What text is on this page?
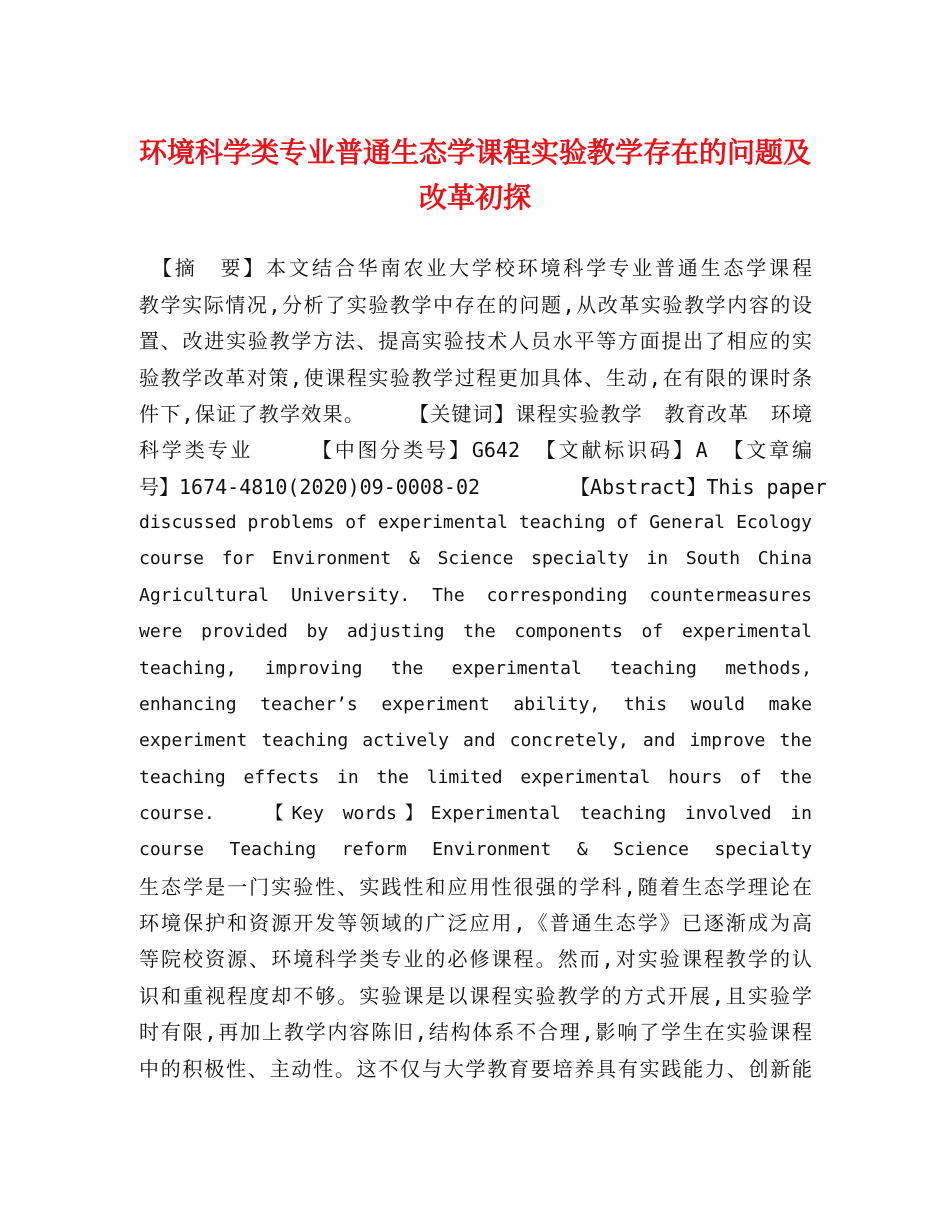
环境科学类专业普通生态学课程实验教学存在的问题及
改革初探
　【摘　要】本文结合华南农业大学校环境科学专业普通生态学课程
教学实际情况,分析了实验教学中存在的问题,从改革实验教学内容的设
置、改进实验教学方法、提高实验技术人员水平等方面提出了相应的实
验教学改革对策,使课程实验教学过程更加具体、生动,在有限的课时条
件下,保证了教学效果。　　　【关键词】课程实验教学　教育改革　环境
科学类专业　　　【中图分类号】G642　【文献标识码】A　【文章编
号】1674-4810(2020)09-0008-02　　　　　【Abstract】This paper
discussed problems of experimental teaching of General Ecology
course for Environment & Science specialty in South China
Agricultural University. The corresponding countermeasures
were provided by adjusting the components of experimental
teaching, improving the experimental teaching methods,
enhancing teacher’s experiment ability, this would make
experiment teaching actively and concretely, and improve the
teaching effects in the limited experimental hours of the
course.　　【Key words】Experimental teaching involved in
course Teaching reform Environment & Science specialty
生态学是一门实验性、实践性和应用性很强的学科,随着生态学理论在
环境保护和资源开发等领域的广泛应用,《普通生态学》已逐渐成为高
等院校资源、环境科学类专业的必修课程。然而,对实验课程教学的认
识和重视程度却不够。实验课是以课程实验教学的方式开展,且实验学
时有限,再加上教学内容陈旧,结构体系不合理,影响了学生在实验课程
中的积极性、主动性。这不仅与大学教育要培养具有实践能力、创新能
